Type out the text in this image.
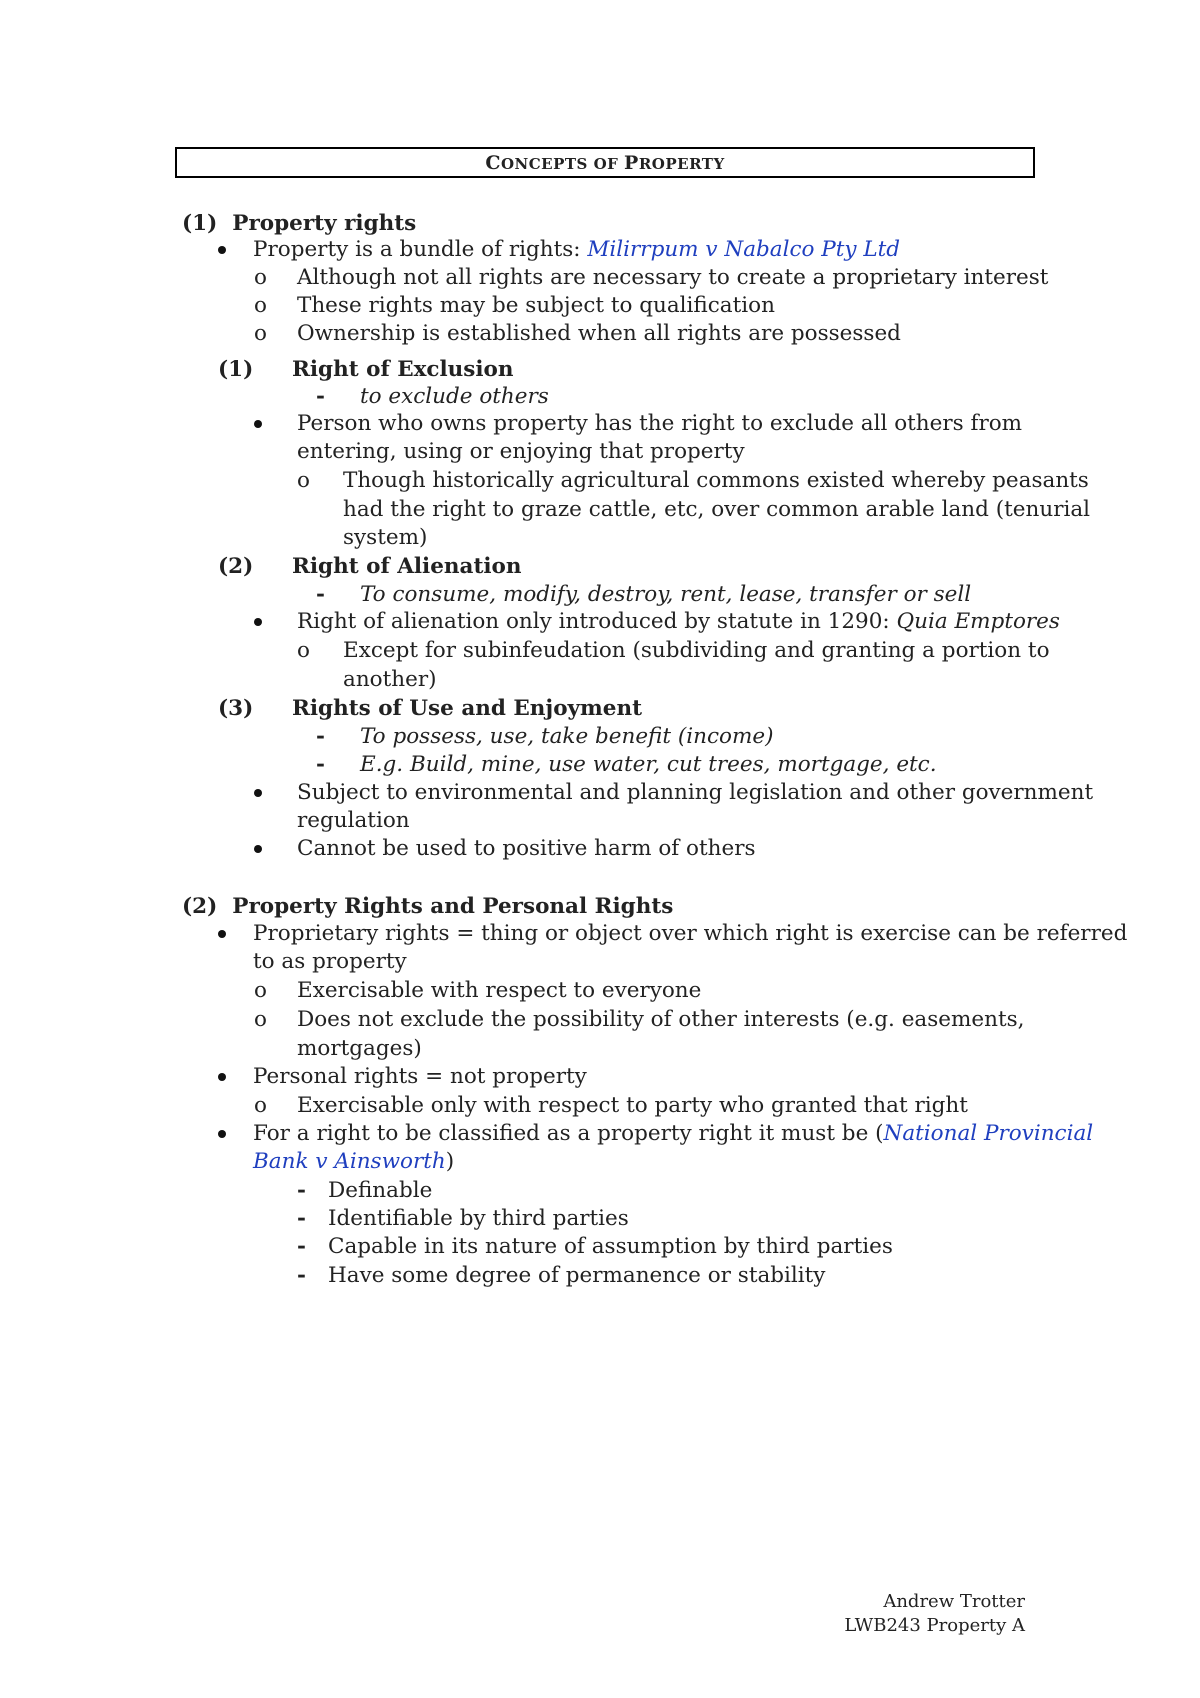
CONCEPTS OF PROPERTY
(1) Property rights
Property is a bundle of rights: Milirrpum v Nabalco Pty Ltd
o Although not all rights are necessary to create a proprietary interest
o These rights may be subject to qualification
o Ownership is established when all rights are possessed
(1) Right of Exclusion
- to exclude others
Person who owns property has the right to exclude all others from
entering, using or enjoying that property
o Though historically agricultural commons existed whereby peasants
had the right to graze cattle, etc, over common arable land (tenurial
system)
(2) Right of Alienation
- To consume, modify, destroy, rent, lease, transfer or sell
Right of alienation only introduced by statute in 1290: Quia Emptores
o Except for subinfeudation (subdividing and granting a portion to
another)
(3) Rights of Use and Enjoyment
- To possess, use, take benefit (income)
- E.g. Build, mine, use water, cut trees, mortgage, etc.
Subject to environmental and planning legislation and other government
regulation
Cannot be used to positive harm of others
(2) Property Rights and Personal Rights
Proprietary rights = thing or object over which right is exercise can be referred
to as property
o Exercisable with respect to everyone
o Does not exclude the possibility of other interests (e.g. easements,
mortgages)
Personal rights = not property
o Exercisable only with respect to party who granted that right
For a right to be classified as a property right it must be (National Provincial
Bank v Ainsworth)
- Definable
- Identifiable by third parties
- Capable in its nature of assumption by third parties
- Have some degree of permanence or stability
Andrew Trotter
LWB243 Property A
